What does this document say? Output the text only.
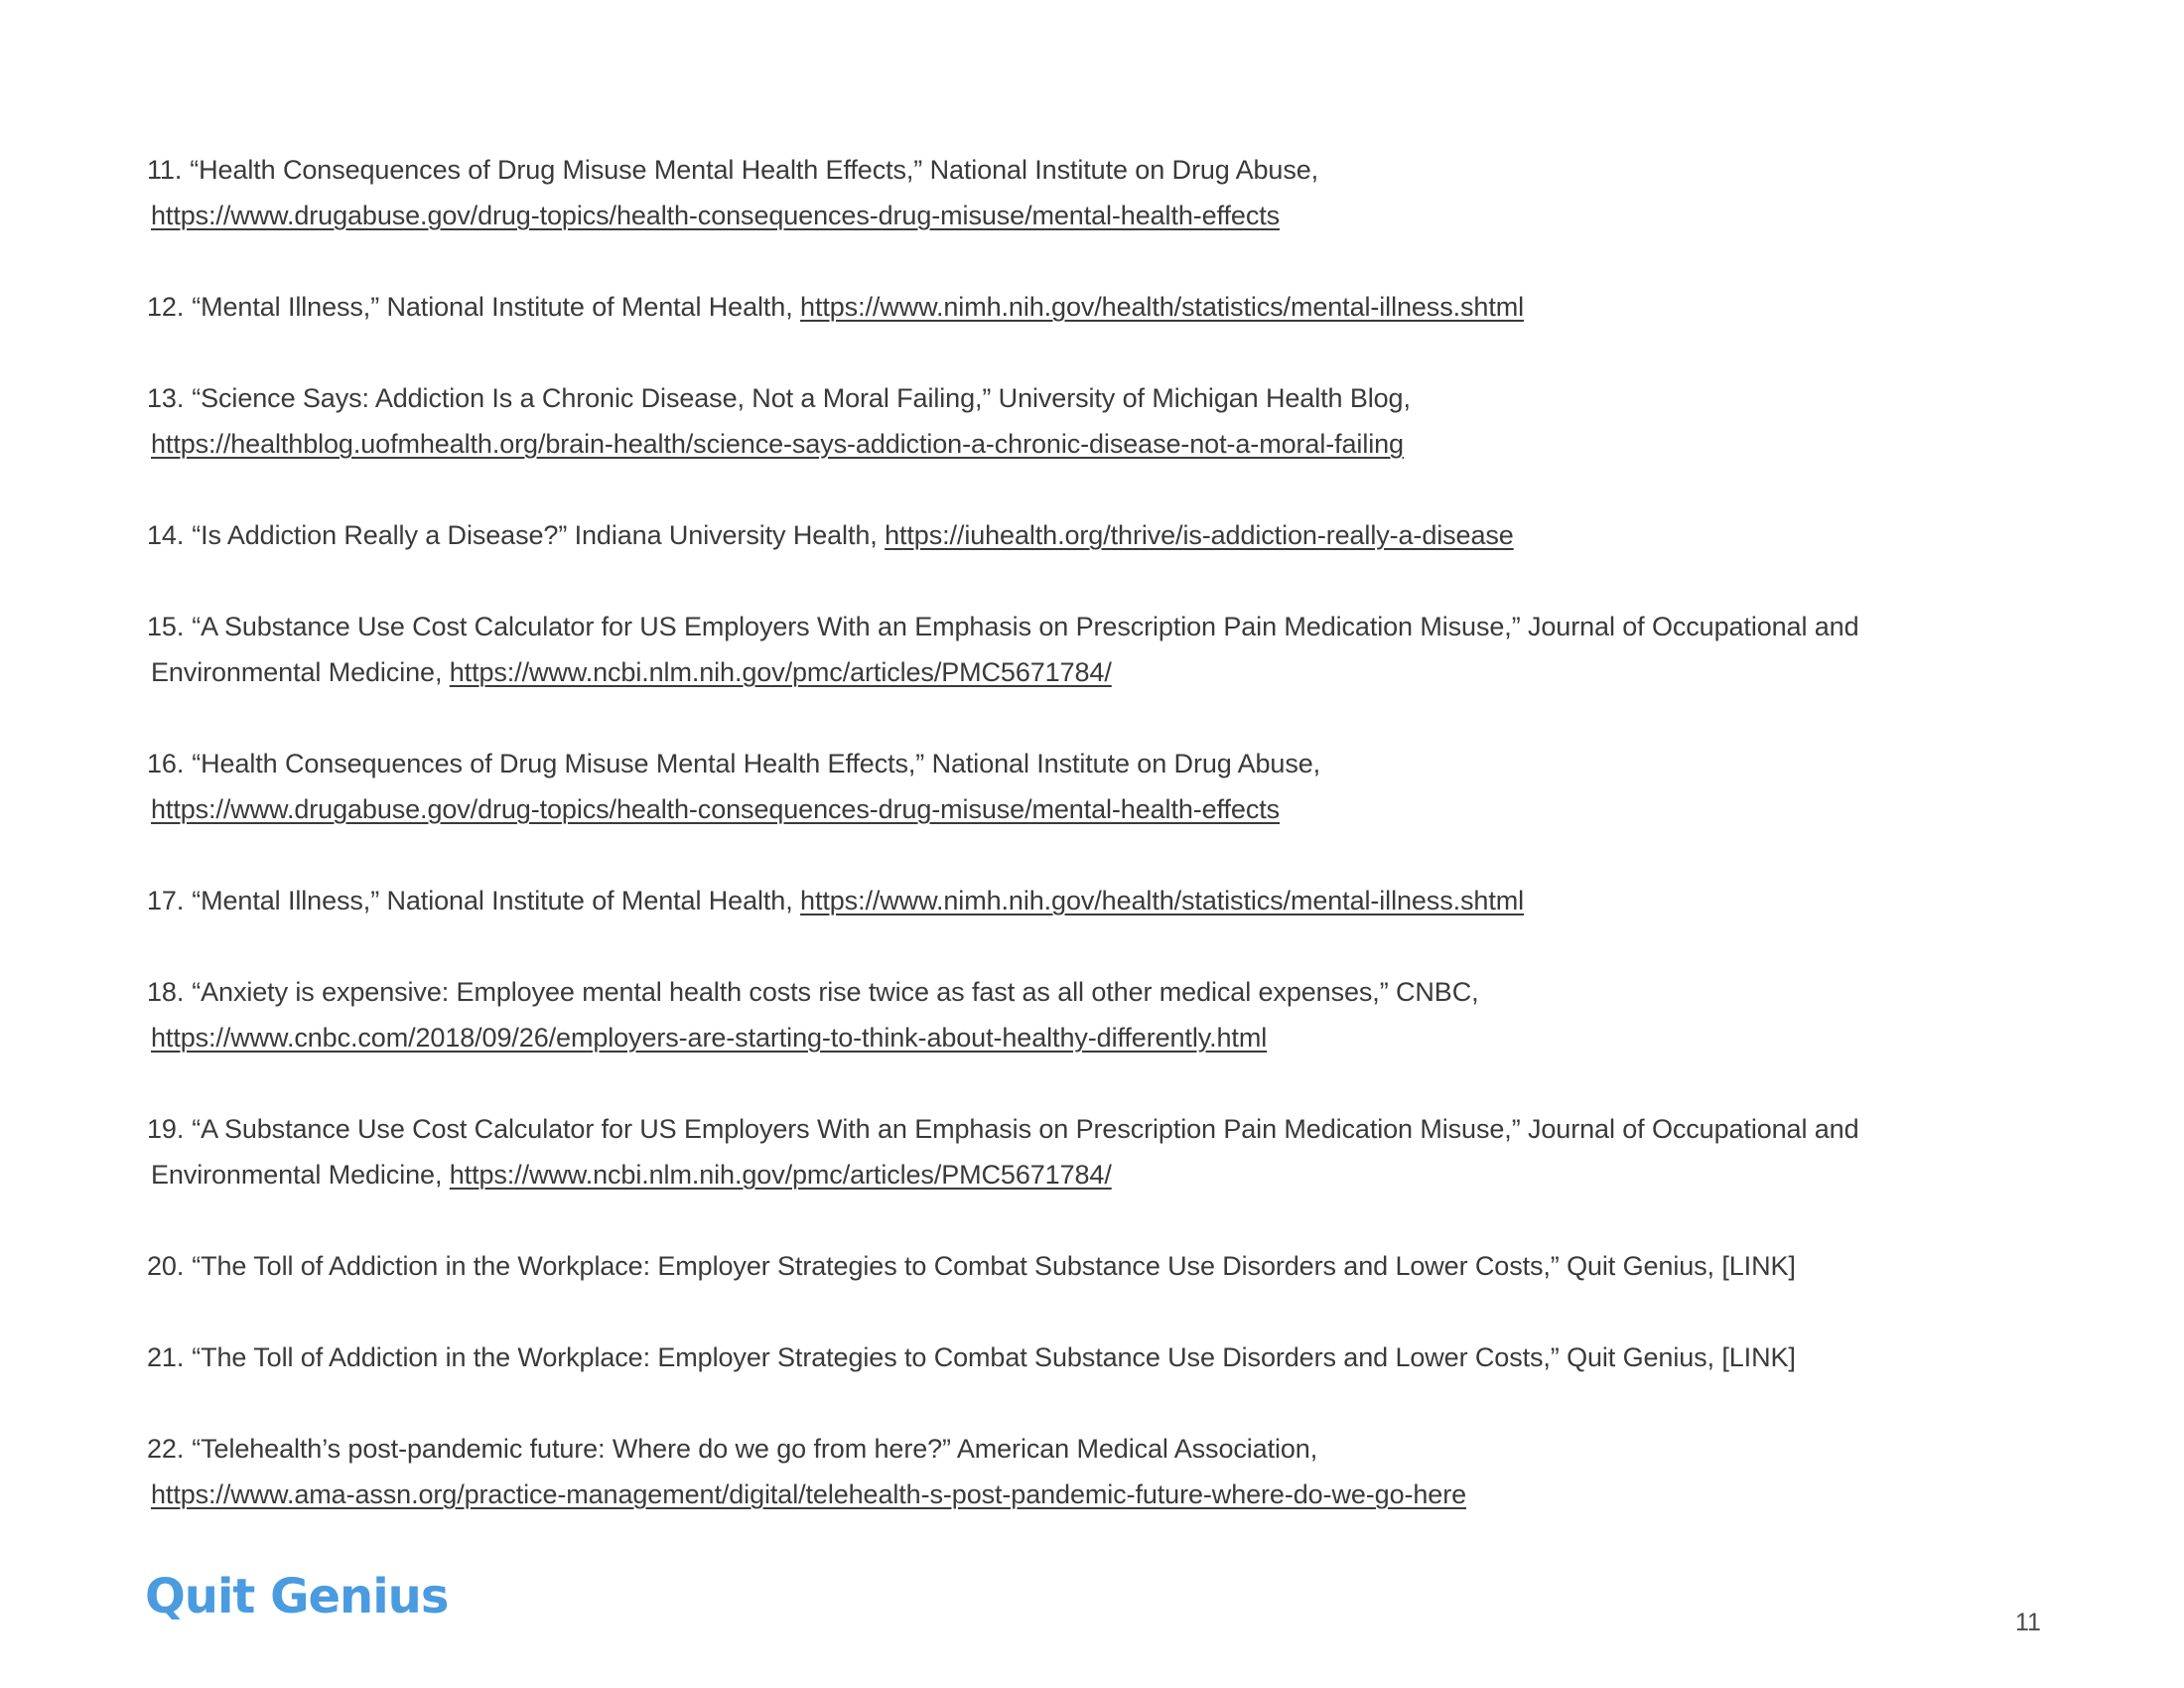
11. “Health Consequences of Drug Misuse Mental Health Effects,” National Institute on Drug Abuse,
https://www.drugabuse.gov/drug-topics/health-consequences-drug-misuse/mental-health-effects
12. “Mental Illness,” National Institute of Mental Health, https://www.nimh.nih.gov/health/statistics/mental-illness.shtml
13. “Science Says: Addiction Is a Chronic Disease, Not a Moral Failing,” University of Michigan Health Blog,
https://healthblog.uofmhealth.org/brain-health/science-says-addiction-a-chronic-disease-not-a-moral-failing
14. “Is Addiction Really a Disease?” Indiana University Health, https://iuhealth.org/thrive/is-addiction-really-a-disease
15. “A Substance Use Cost Calculator for US Employers With an Emphasis on Prescription Pain Medication Misuse,” Journal of Occupational and
Environmental Medicine, https://www.ncbi.nlm.nih.gov/pmc/articles/PMC5671784/
16. “Health Consequences of Drug Misuse Mental Health Effects,” National Institute on Drug Abuse,
https://www.drugabuse.gov/drug-topics/health-consequences-drug-misuse/mental-health-effects
17. “Mental Illness,” National Institute of Mental Health, https://www.nimh.nih.gov/health/statistics/mental-illness.shtml
18. “Anxiety is expensive: Employee mental health costs rise twice as fast as all other medical expenses,” CNBC,
https://www.cnbc.com/2018/09/26/employers-are-starting-to-think-about-healthy-differently.html
19. “A Substance Use Cost Calculator for US Employers With an Emphasis on Prescription Pain Medication Misuse,” Journal of Occupational and
Environmental Medicine, https://www.ncbi.nlm.nih.gov/pmc/articles/PMC5671784/
20. “The Toll of Addiction in the Workplace: Employer Strategies to Combat Substance Use Disorders and Lower Costs,” Quit Genius, [LINK]
21. “The Toll of Addiction in the Workplace: Employer Strategies to Combat Substance Use Disorders and Lower Costs,” Quit Genius, [LINK]
22. “Telehealth’s post-pandemic future: Where do we go from here?” American Medical Association,
https://www.ama-assn.org/practice-management/digital/telehealth-s-post-pandemic-future-where-do-we-go-here
Quit Genius	11
